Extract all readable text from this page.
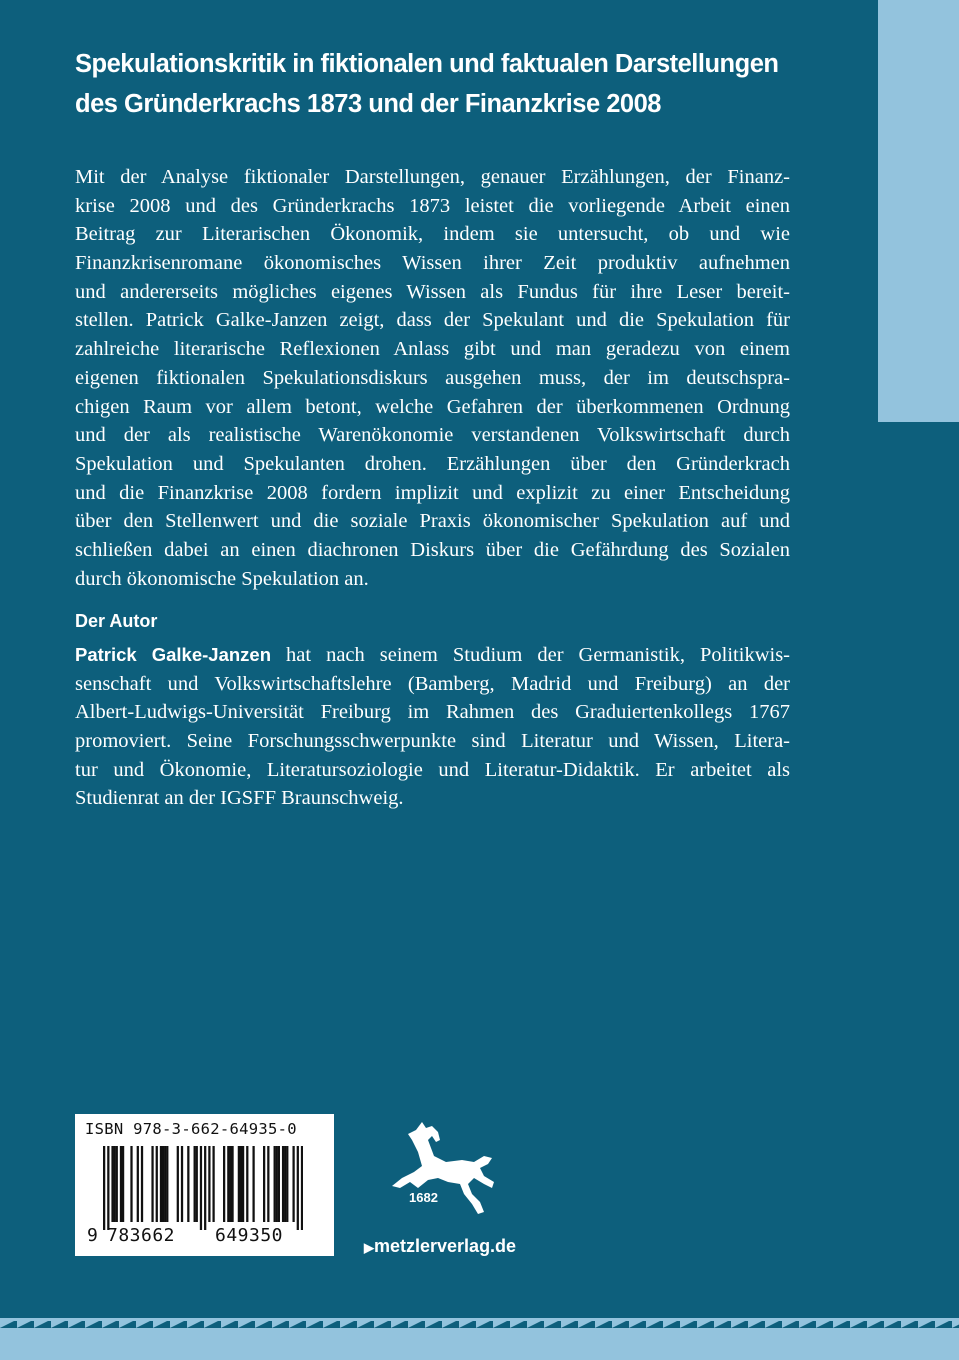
Spekulationskritik in fiktionalen und faktualen Darstellungen
des Gründerkrachs 1873 und der Finanzkrise 2008
Mit der Analyse fiktionaler Darstellungen, genauer Erzählungen, der Finanz-
krise 2008 und des Gründerkrachs 1873 leistet die vorliegende Arbeit einen
Beitrag zur Literarischen Ökonomik, indem sie untersucht, ob und wie
Finanzkrisenromane ökonomisches Wissen ihrer Zeit produktiv aufnehmen
und andererseits mögliches eigenes Wissen als Fundus für ihre Leser bereit-
stellen. Patrick Galke-Janzen zeigt, dass der Spekulant und die Spekulation für
zahlreiche literarische Reflexionen Anlass gibt und man geradezu von einem
eigenen fiktionalen Spekulationsdiskurs ausgehen muss, der im deutschspra-
chigen Raum vor allem betont, welche Gefahren der überkommenen Ordnung
und der als realistische Warenökonomie verstandenen Volkswirtschaft durch
Spekulation und Spekulanten drohen. Erzählungen über den Gründerkrach
und die Finanzkrise 2008 fordern implizit und explizit zu einer Entscheidung
über den Stellenwert und die soziale Praxis ökonomischer Spekulation auf und
schließen dabei an einen diachronen Diskurs über die Gefährdung des Sozialen
durch ökonomische Spekulation an.
Der Autor
Patrick Galke-Janzen hat nach seinem Studium der Germanistik, Politikwis-
senschaft und Volkswirtschaftslehre (Bamberg, Madrid und Freiburg) an der
Albert-Ludwigs-Universität Freiburg im Rahmen des Graduiertenkollegs 1767
promoviert. Seine Forschungsschwerpunkte sind Literatur und Wissen, Litera-
tur und Ökonomie, Literatursoziologie und Literatur-Didaktik. Er arbeitet als
Studienrat an der IGSFF Braunschweig.
ISBN 978-3-662-64935-0
9 783662 649350
1682
▶metzlerverlag.de
